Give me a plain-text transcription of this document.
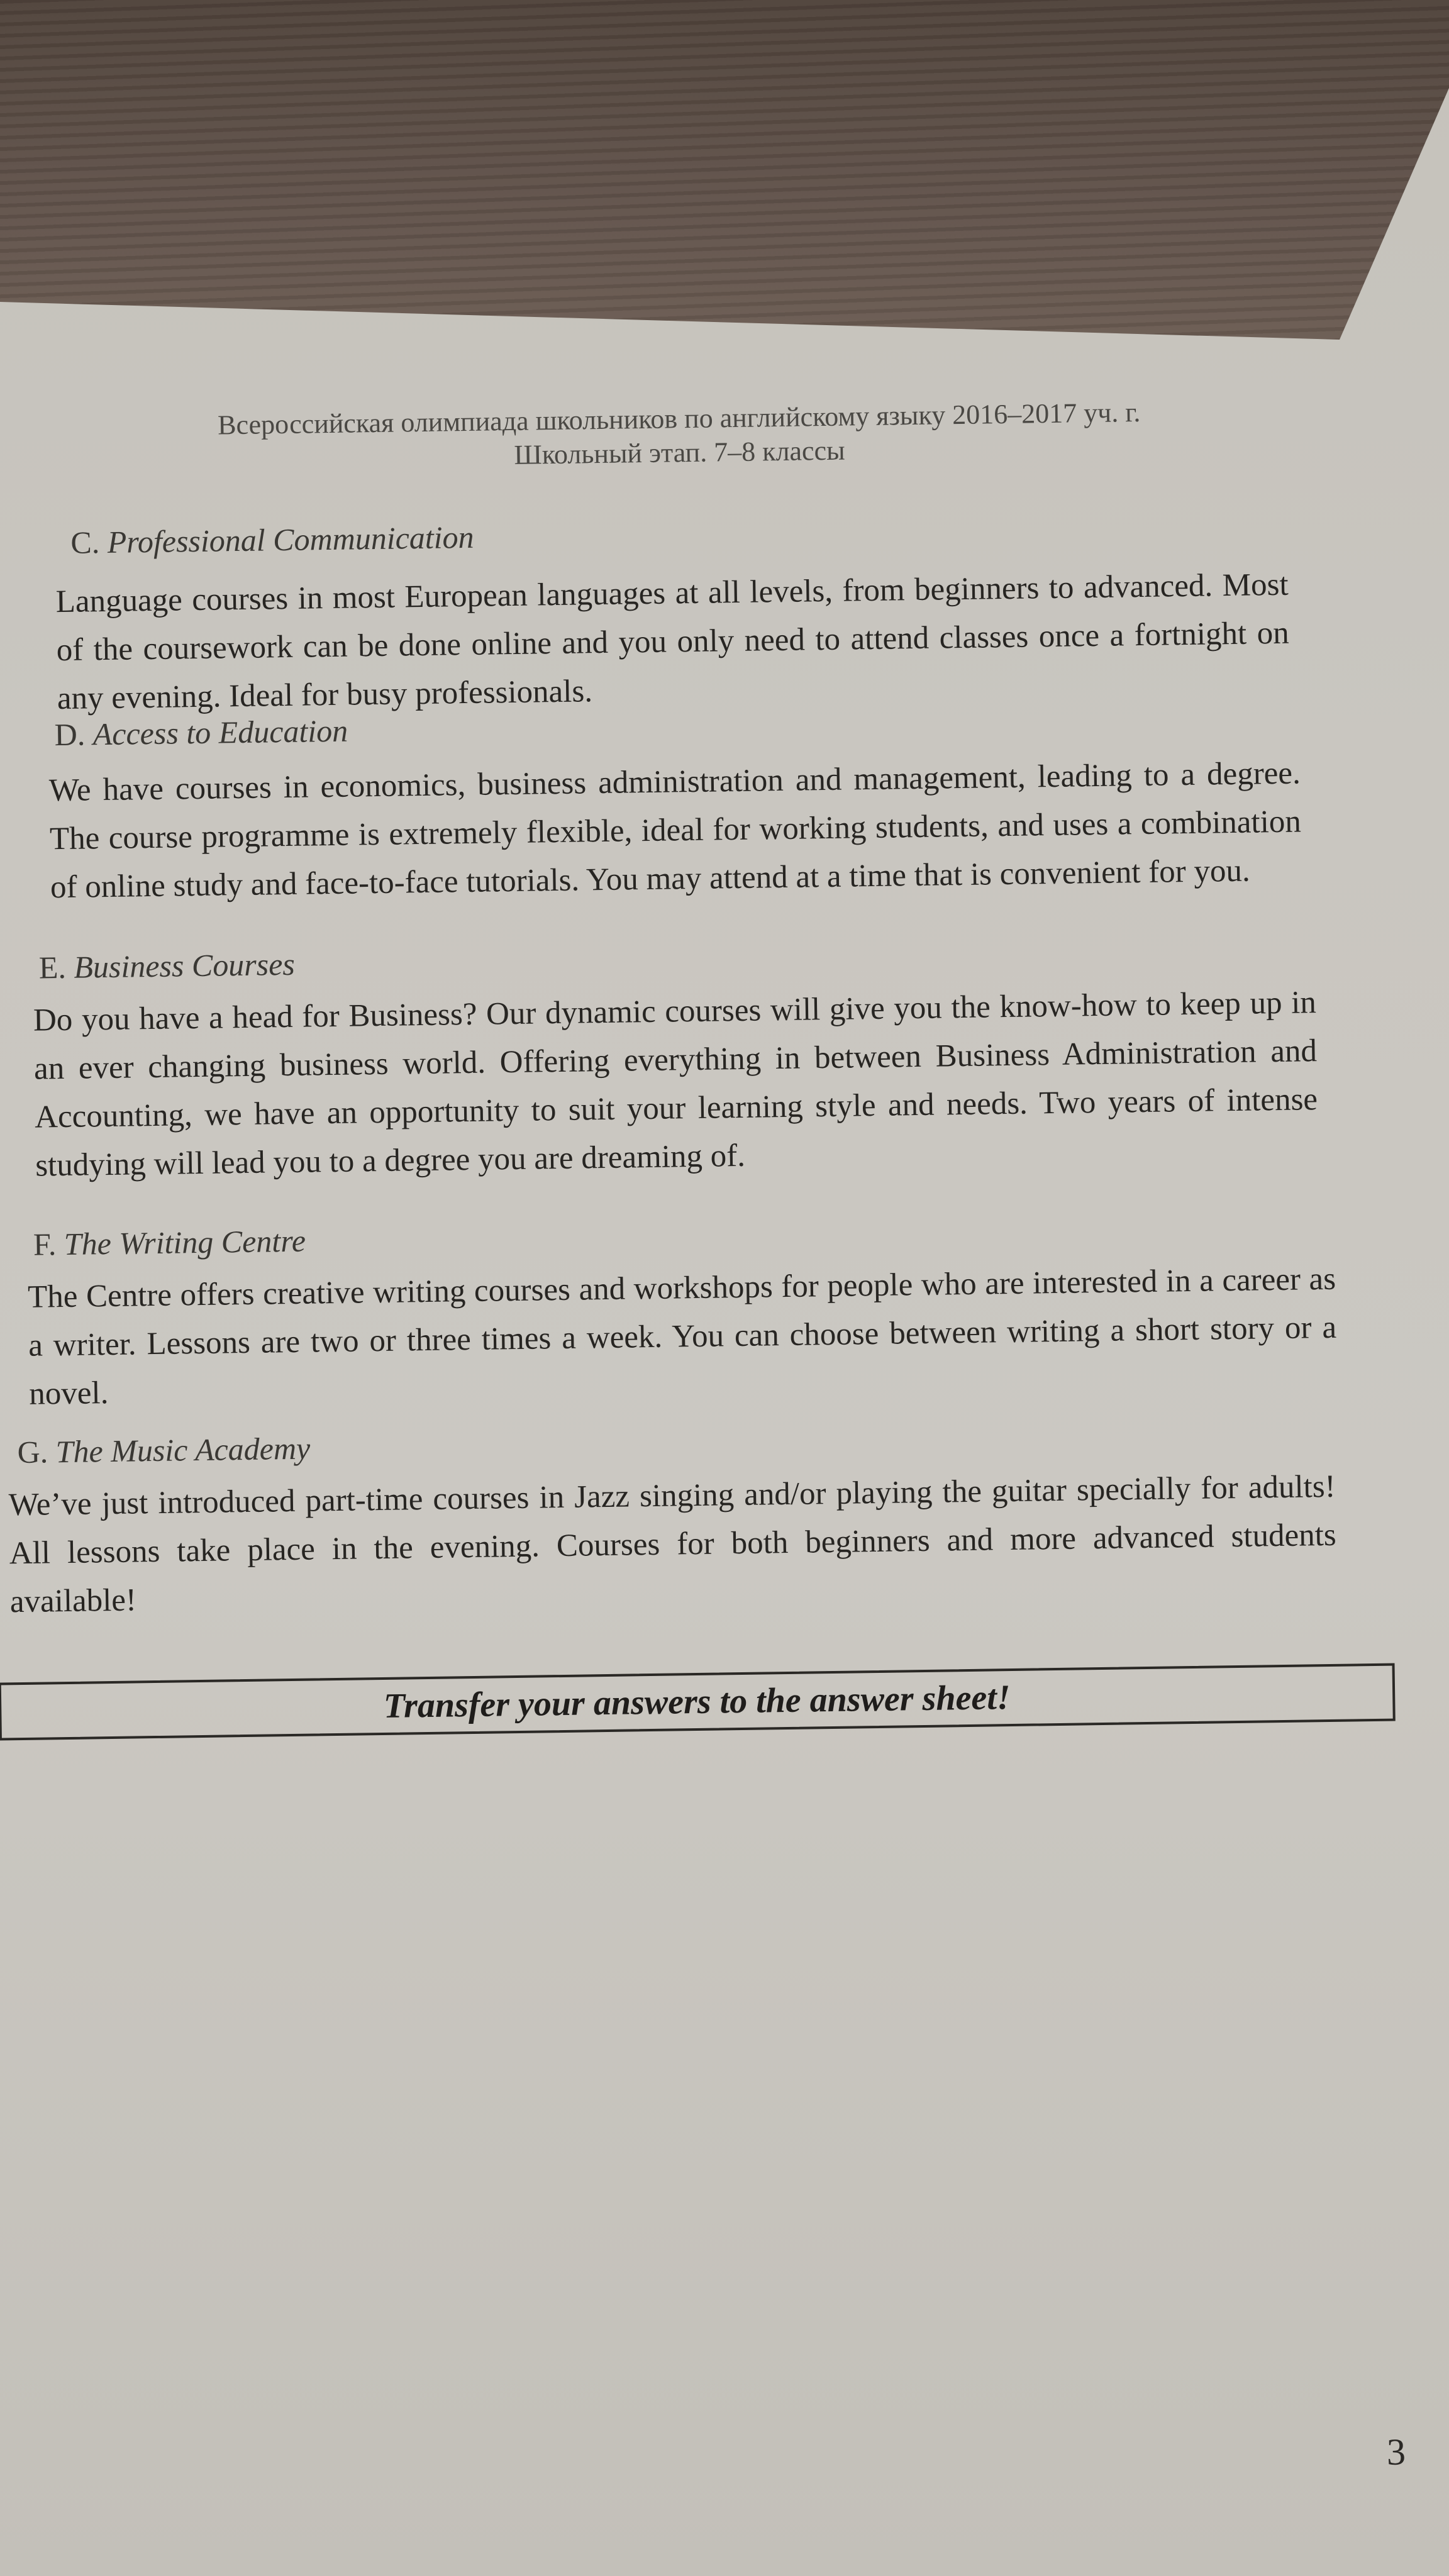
Всероссийская олимпиада школьников по английскому языку 2016–2017 уч. г.
Школьный этап. 7–8 классы
C. Professional Communication
Language courses in most European languages at all levels, from beginners to advanced. Most of the coursework can be done online and you only need to attend classes once a fortnight on any evening. Ideal for busy professionals.
D. Access to Education
We have courses in economics, business administration and management, leading to a degree. The course programme is extremely flexible, ideal for working students, and uses a combination of online study and face-to-face tutorials. You may attend at a time that is convenient for you.
E. Business Courses
Do you have a head for Business? Our dynamic courses will give you the know-how to keep up in an ever changing business world. Offering everything in between Business Administration and Accounting, we have an opportunity to suit your learning style and needs. Two years of intense studying will lead you to a degree you are dreaming of.
F. The Writing Centre
The Centre offers creative writing courses and workshops for people who are interested in a career as a writer. Lessons are two or three times a week. You can choose between writing a short story or a novel.
G. The Music Academy
We’ve just introduced part-time courses in Jazz singing and/or playing the guitar specially for adults! All lessons take place in the evening. Courses for both beginners and more advanced students available!
Transfer your answers to the answer sheet!
3
